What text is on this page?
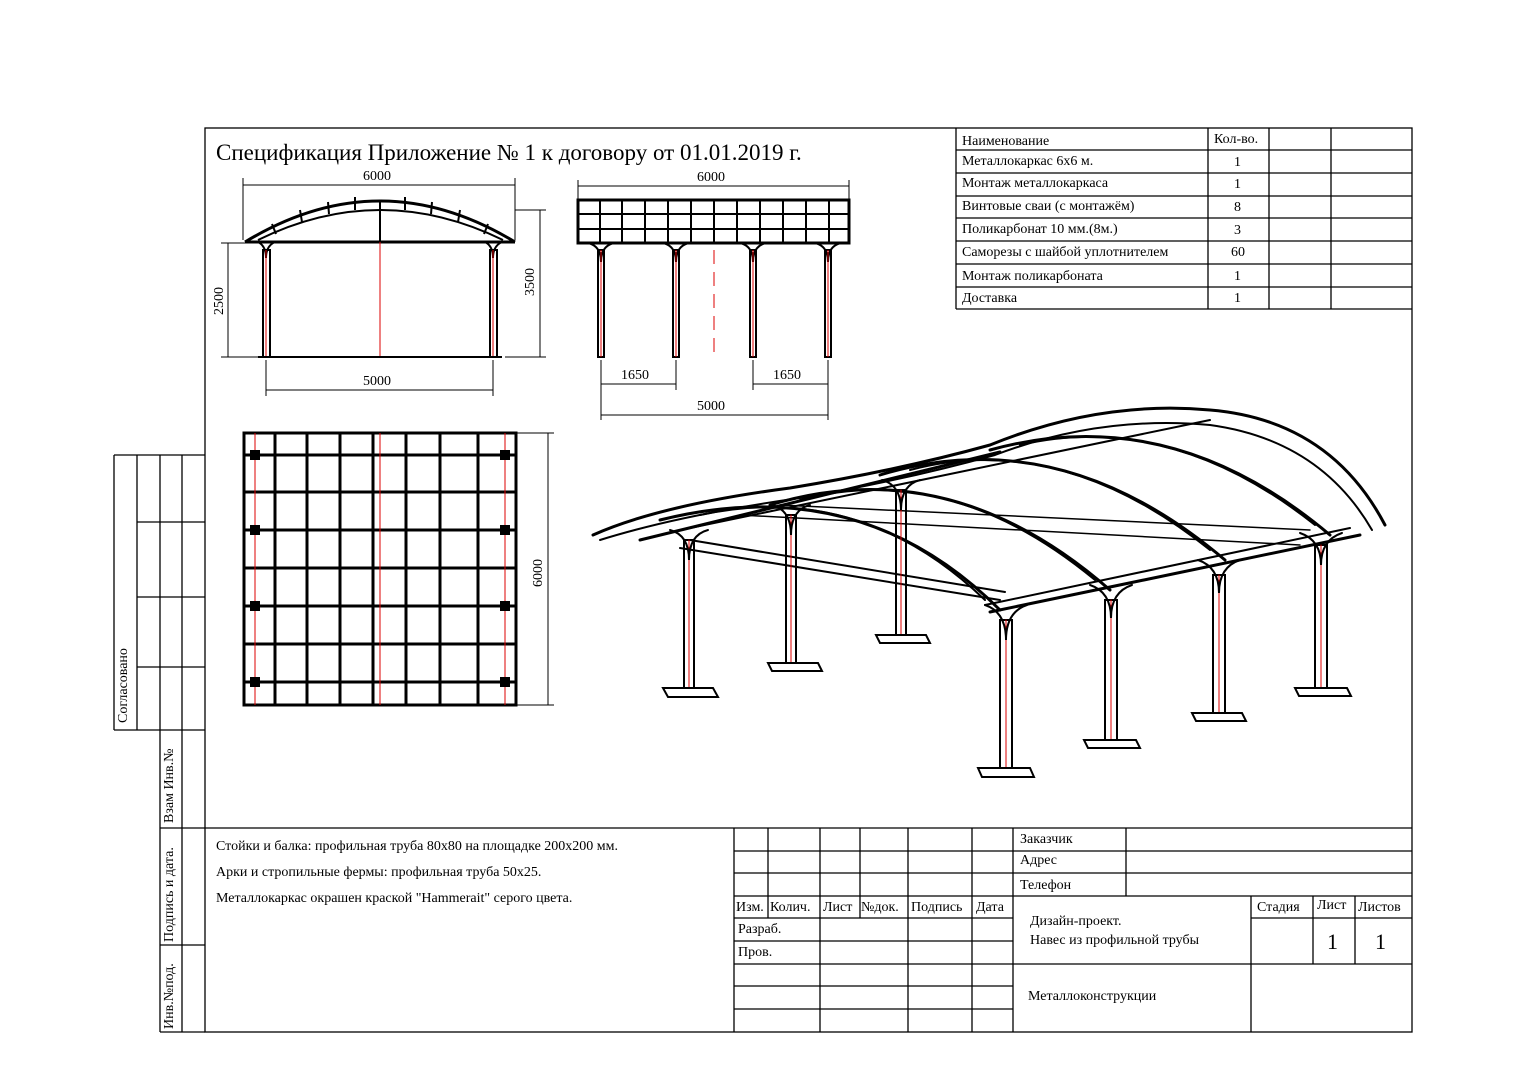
Спецификация Приложение № 1 к договору от 01.01.2019 г.	Наименование	Кол-во.
Металлокаркас 6х6 м.	1
Монтаж металлокаркаса	1
Винтовые сваи (с монтажём)	8
Поликарбонат 10 мм.(8м.)	3
Саморезы с шайбой уплотнителем	60
Монтаж поликарбоната	1
Доставка	1
6000
5000
2500
3500
6000
1650	1650
5000
6000
Согласовано
Взам Инв.№
Подпись и дата.
Инв.№под.
Стойки и балка: профильная труба 80х80 на площадке 200х200 мм.
Арки и стропильные фермы: профильная труба 50х25.
Металлокаркас окрашен краской "Hammerait" серого цвета.
Заказчик
Адрес
Телефон
Изм. Колич. Лист №док. Подпись Дата
Разраб.
Пров.
Дизайн-проект.
Навес из профильной трубы
Стадия Лист Листов
1 1
Металлоконструкции
